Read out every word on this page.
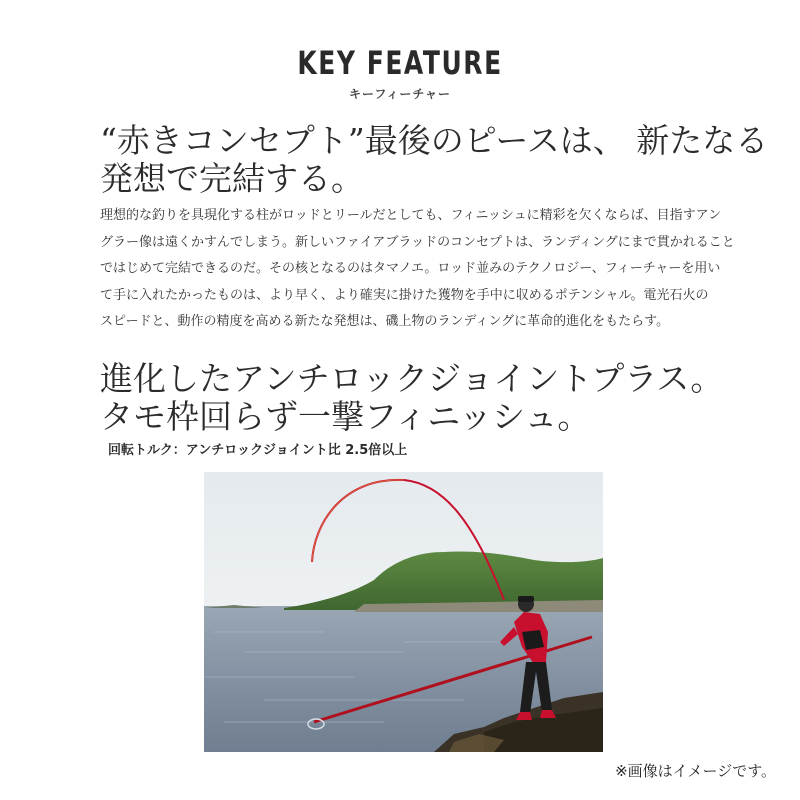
KEY FEATURE
キーフィーチャー
“赤きコンセプト”最後のピースは、 新たなる
発想で完結する。
理想的な釣りを具現化する柱がロッドとリールだとしても、フィニッシュに精彩を欠くならば、目指すアン
グラー像は遠くかすんでしまう。新しいファイアブラッドのコンセプトは、ランディングにまで貫かれること
ではじめて完結できるのだ。その核となるのはタマノエ。ロッド並みのテクノロジー、フィーチャーを用い
て手に入れたかったものは、より早く、より確実に掛けた獲物を手中に収めるポテンシャル。電光石火の
スピードと、動作の精度を高める新たな発想は、磯上物のランディングに革命的進化をもたらす。
進化したアンチロックジョイントプラス。
タモ枠回らず一撃フィニッシュ。
回転トルク：アンチロックジョイント比 2.5倍以上
※画像はイメージです。
